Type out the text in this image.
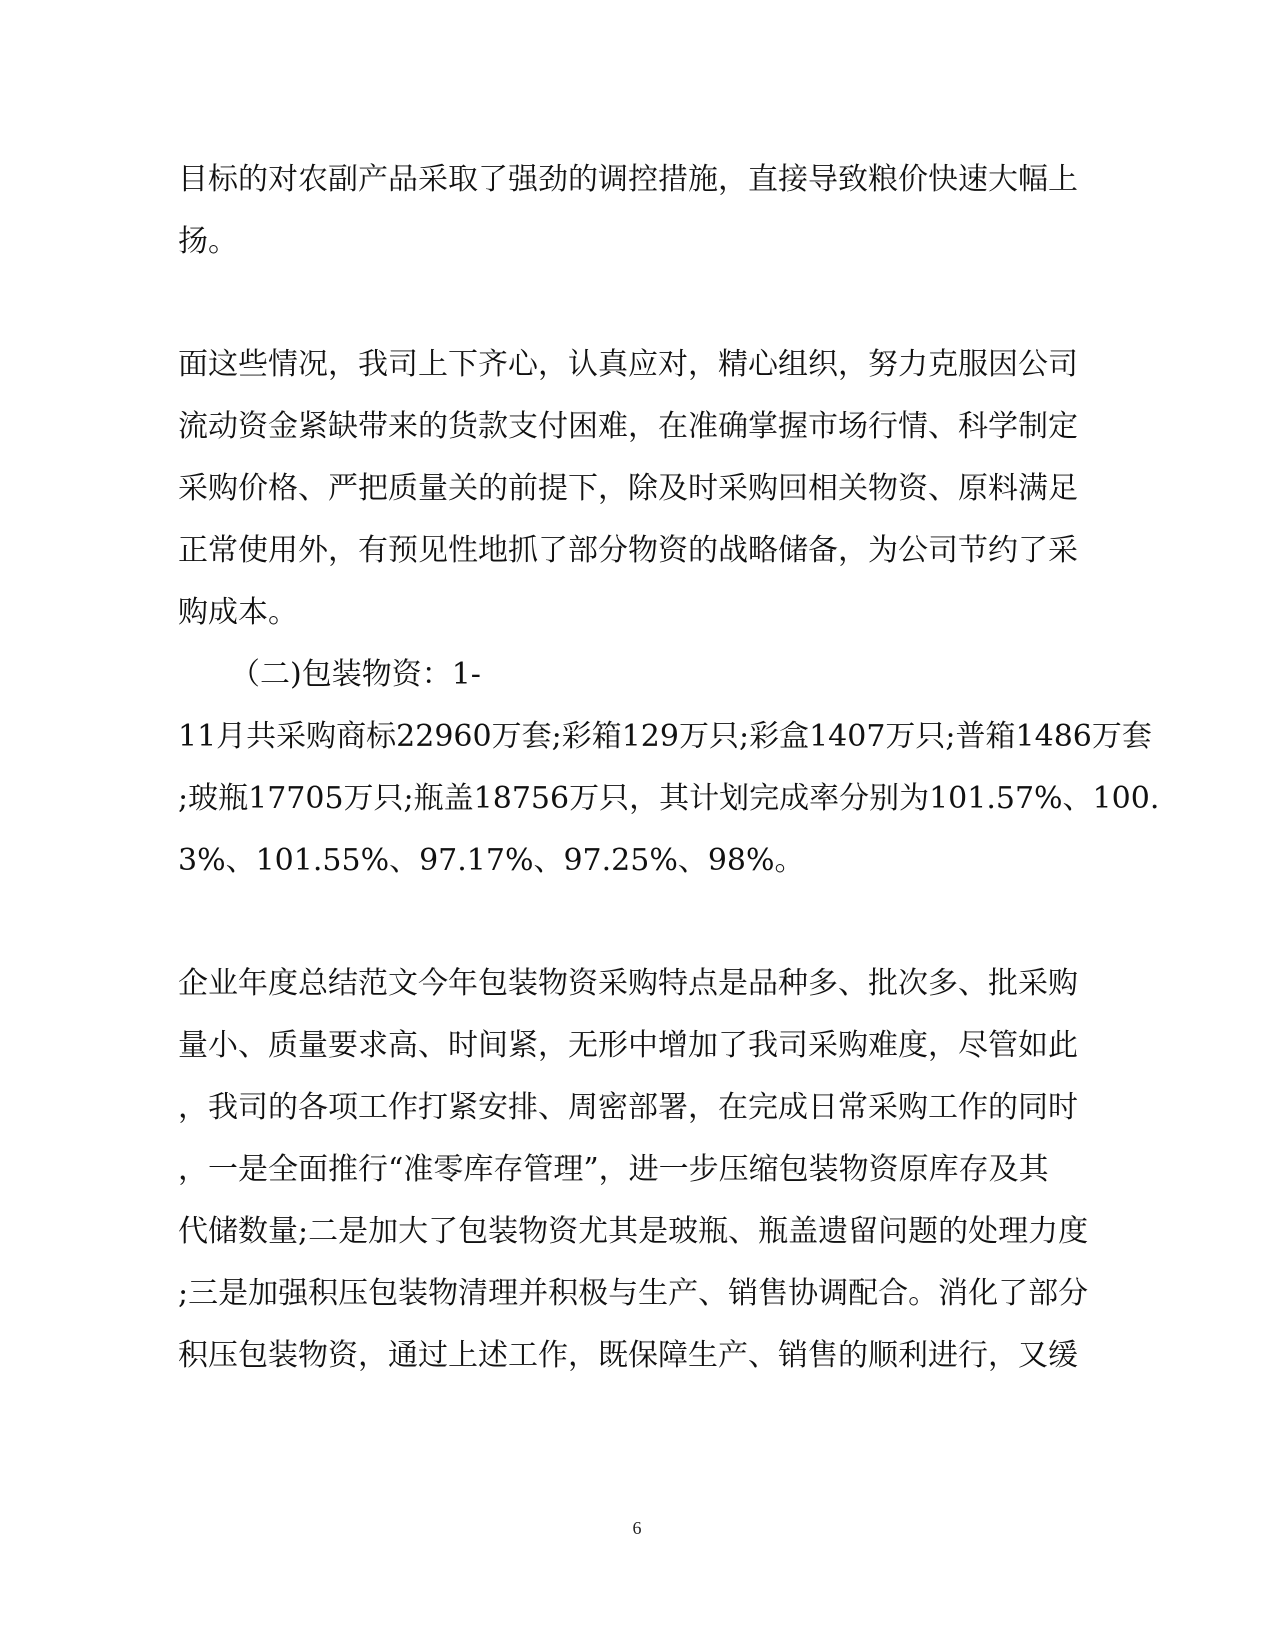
目标的对农副产品采取了强劲的调控措施，直接导致粮价快速大幅上
扬。
面这些情况，我司上下齐心，认真应对，精心组织，努力克服因公司
流动资金紧缺带来的货款支付困难，在准确掌握市场行情、科学制定
采购价格、严把质量关的前提下，除及时采购回相关物资、原料满足
正常使用外，有预见性地抓了部分物资的战略储备，为公司节约了采
购成本。
（二)包装物资：1-
11月共采购商标22960万套;彩箱129万只;彩盒1407万只;普箱1486万套
;玻瓶17705万只;瓶盖18756万只，其计划完成率分别为101.57%、100.
3%、101.55%、97.17%、97.25%、98%。
企业年度总结范文今年包装物资采购特点是品种多、批次多、批采购
量小、质量要求高、时间紧，无形中增加了我司采购难度，尽管如此
，我司的各项工作打紧安排、周密部署，在完成日常采购工作的同时
，一是全面推行“准零库存管理”，进一步压缩包装物资原库存及其
代储数量;二是加大了包装物资尤其是玻瓶、瓶盖遗留问题的处理力度
;三是加强积压包装物清理并积极与生产、销售协调配合。消化了部分
积压包装物资，通过上述工作，既保障生产、销售的顺利进行，又缓
6
